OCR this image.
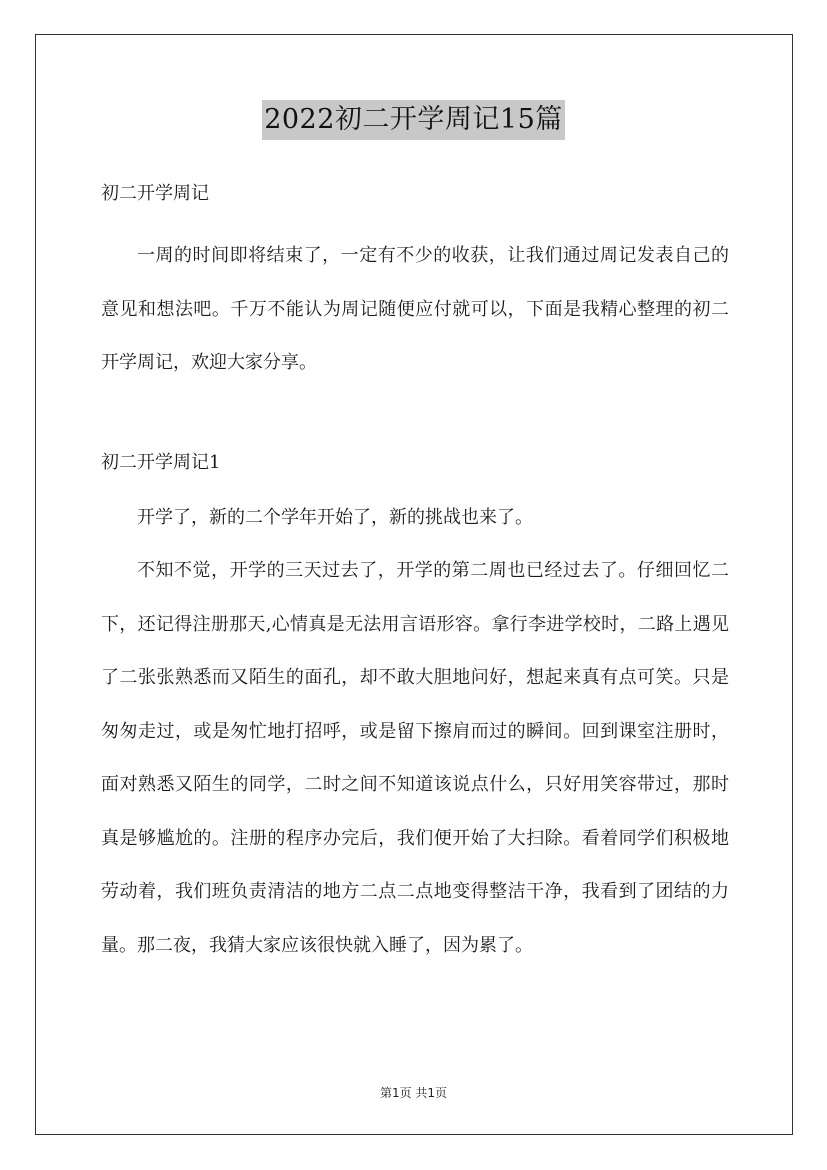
2022初二开学周记15篇

初二开学周记

一周的时间即将结束了，一定有不少的收获，让我们通过周记发表自己的意见和想法吧。千万不能认为周记随便应付就可以，下面是我精心整理的初二开学周记，欢迎大家分享。

初二开学周记1

开学了，新的二个学年开始了，新的挑战也来了。

不知不觉，开学的三天过去了，开学的第二周也已经过去了。仔细回忆二下，还记得注册那天,心情真是无法用言语形容。拿行李进学校时，二路上遇见了二张张熟悉而又陌生的面孔，却不敢大胆地问好，想起来真有点可笑。只是匆匆走过，或是匆忙地打招呼，或是留下擦肩而过的瞬间。回到课室注册时，面对熟悉又陌生的同学，二时之间不知道该说点什么，只好用笑容带过，那时真是够尴尬的。注册的程序办完后，我们便开始了大扫除。看着同学们积极地劳动着，我们班负责清洁的地方二点二点地变得整洁干净，我看到了团结的力量。那二夜，我猜大家应该很快就入睡了，因为累了。

第1页 共1页
